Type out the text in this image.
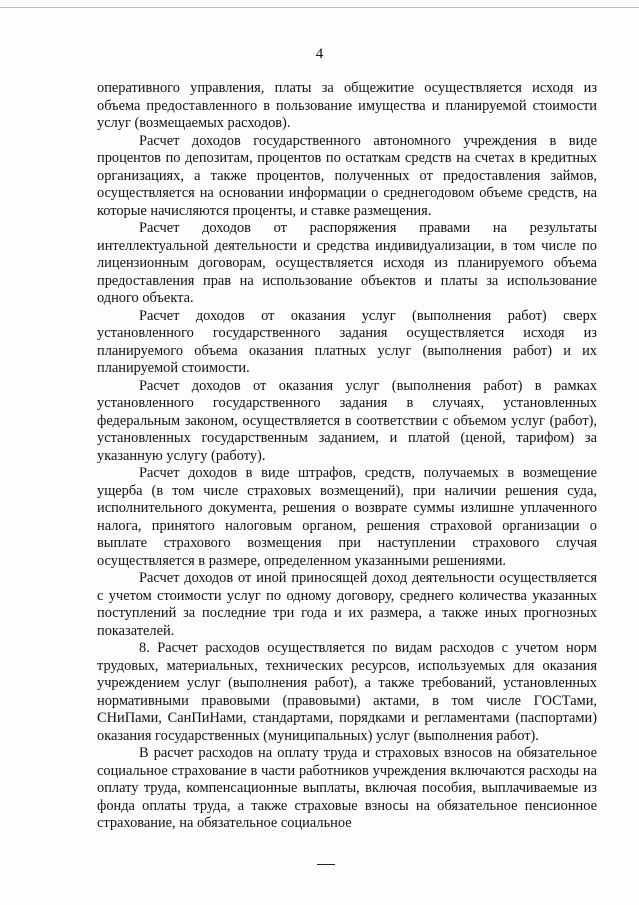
4

оперативного управления, платы за общежитие осуществляется исходя из объема предоставленного в пользование имущества и планируемой стоимости услуг (возмещаемых расходов).

Расчет доходов государственного автономного учреждения в виде процентов по депозитам, процентов по остаткам средств на счетах в кредитных организациях, а также процентов, полученных от предоставления займов, осуществляется на основании информации о среднегодовом объеме средств, на которые начисляются проценты, и ставке размещения.

Расчет доходов от распоряжения правами на результаты интеллектуальной деятельности и средства индивидуализации, в том числе по лицензионным договорам, осуществляется исходя из планируемого объема предоставления прав на использование объектов и платы за использование одного объекта.

Расчет доходов от оказания услуг (выполнения работ) сверх установленного государственного задания осуществляется исходя из планируемого объема оказания платных услуг (выполнения работ) и их планируемой стоимости.

Расчет доходов от оказания услуг (выполнения работ) в рамках установленного государственного задания в случаях, установленных федеральным законом, осуществляется в соответствии с объемом услуг (работ), установленных государственным заданием, и платой (ценой, тарифом) за указанную услугу (работу).

Расчет доходов в виде штрафов, средств, получаемых в возмещение ущерба (в том числе страховых возмещений), при наличии решения суда, исполнительного документа, решения о возврате суммы излишне уплаченного налога, принятого налоговым органом, решения страховой организации о выплате страхового возмещения при наступлении страхового случая осуществляется в размере, определенном указанными решениями.

Расчет доходов от иной приносящей доход деятельности осуществляется с учетом стоимости услуг по одному договору, среднего количества указанных поступлений за последние три года и их размера, а также иных прогнозных показателей.

8. Расчет расходов осуществляется по видам расходов с учетом норм трудовых, материальных, технических ресурсов, используемых для оказания учреждением услуг (выполнения работ), а также требований, установленных нормативными правовыми (правовыми) актами, в том числе ГОСТами, СНиПами, СанПиНами, стандартами, порядками и регламентами (паспортами) оказания государственных (муниципальных) услуг (выполнения работ).

В расчет расходов на оплату труда и страховых взносов на обязательное социальное страхование в части работников учреждения включаются расходы на оплату труда, компенсационные выплаты, включая пособия, выплачиваемые из фонда оплаты труда, а также страховые взносы на обязательное пенсионное страхование, на обязательное социальное
